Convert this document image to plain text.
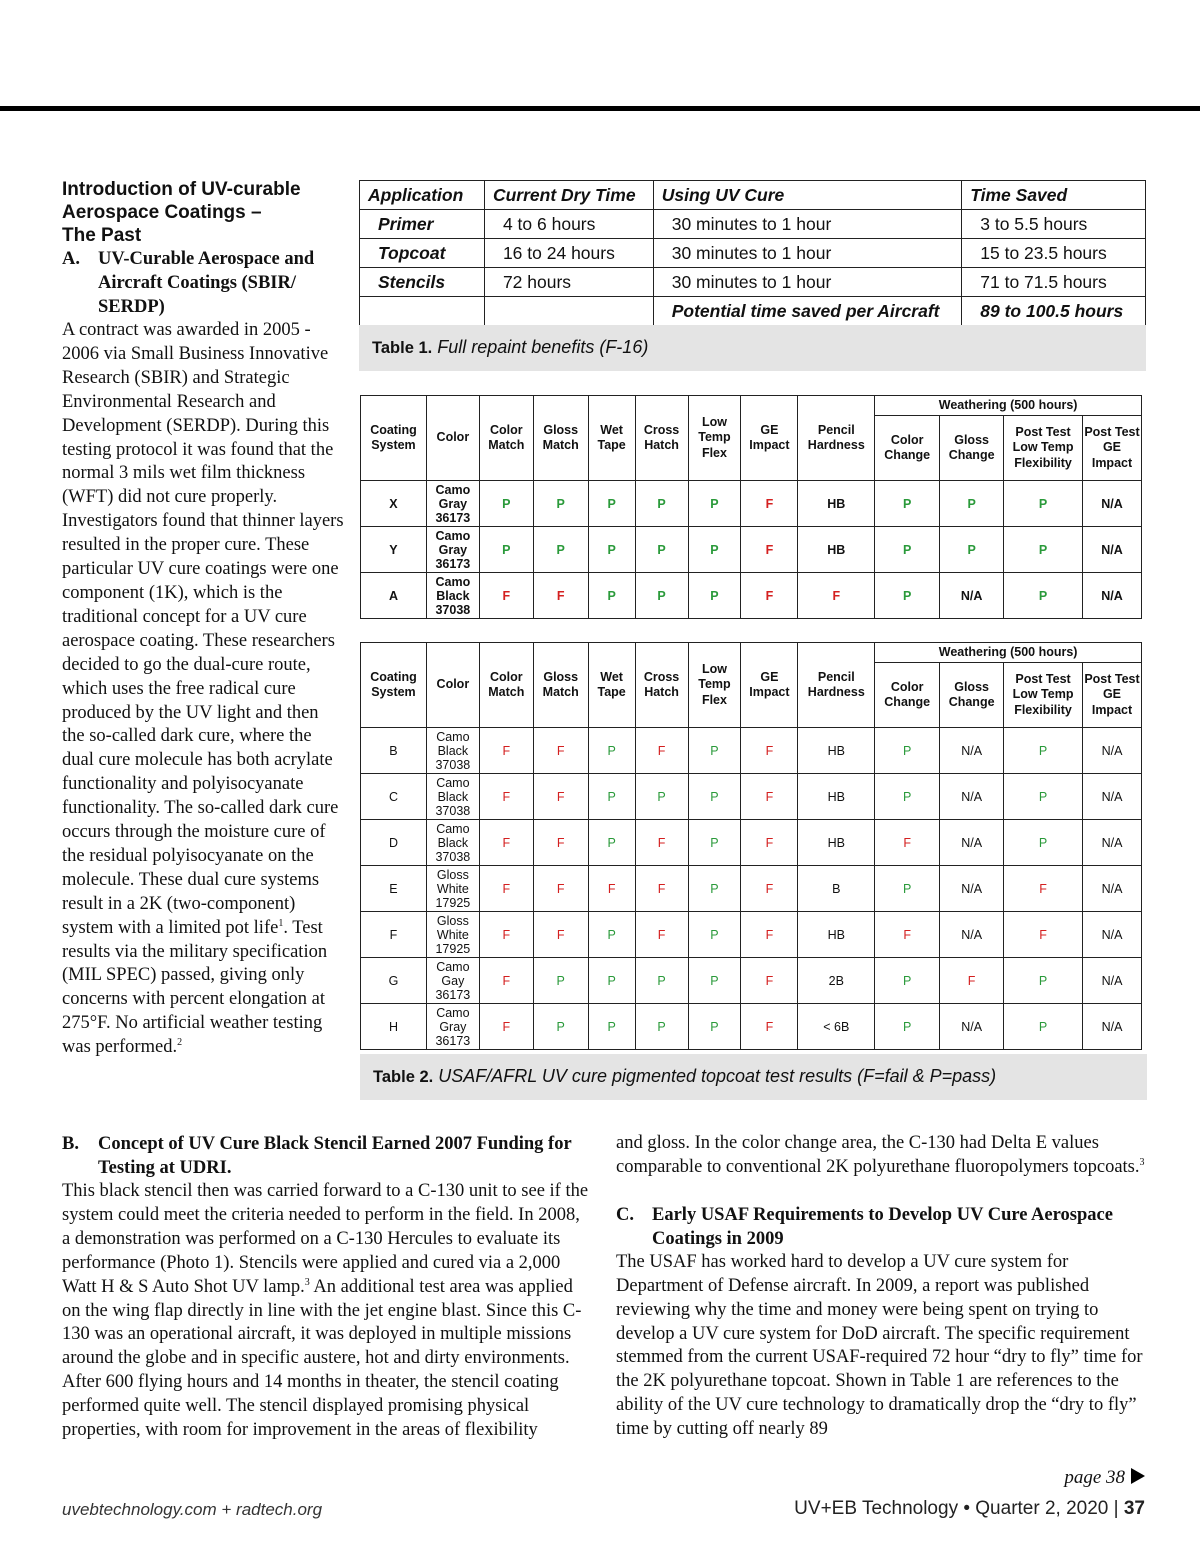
Introduction of UV-curable
Aerospace Coatings –
The Past
A. UV-Curable Aerospace and Aircraft Coatings (SBIR/ SERDP)
A contract was awarded in 2005 - 2006 via Small Business Innovative Research (SBIR) and Strategic Environmental Research and Development (SERDP). During this testing protocol it was found that the normal 3 mils wet film thickness (WFT) did not cure properly. Investigators found that thinner layers resulted in the proper cure. These particular UV cure coatings were one component (1K), which is the traditional concept for a UV cure aerospace coating. These researchers decided to go the dual-cure route, which uses the free radical cure produced by the UV light and then the so-called dark cure, where the dual cure molecule has both acrylate functionality and polyisocyanate functionality. The so-called dark cure occurs through the moisture cure of the residual polyisocyanate on the molecule. These dual cure systems result in a 2K (two-component) system with a limited pot life$^1$. Test results via the military specification (MIL SPEC) passed, giving only concerns with percent elongation at 275°F. No artificial weather testing was performed.$^2$
Application	Current Dry Time	Using UV Cure	Time Saved
Primer	4 to 6 hours	30 minutes to 1 hour	3 to 5.5 hours
Topcoat	16 to 24 hours	30 minutes to 1 hour	15 to 23.5 hours
Stencils	72 hours	30 minutes to 1 hour	71 to 71.5 hours
		Potential time saved per Aircraft	89 to 100.5 hours
Table 1. Full repaint benefits (F-16)
Coating System	Color	Color Match	Gloss Match	Wet Tape	Cross Hatch	Low Temp Flex	GE Impact	Pencil Hardness	Weathering (500 hours)			
									Color Change	Gloss Change	Post Test Low Temp Flexibility	Post Test GE Impact
X	Camo Gray 36173	P	P	P	P	P	F	HB	P	P	P	N/A
Y	Camo Gray 36173	P	P	P	P	P	F	HB	P	P	P	N/A
A	Camo Black 37038	F	F	P	P	P	F	F	P	N/A	P	N/A
Coating System	Color	Color Match	Gloss Match	Wet Tape	Cross Hatch	Low Temp Flex	GE Impact	Pencil Hardness	Weathering (500 hours)			
									Color Change	Gloss Change	Post Test Low Temp Flexibility	Post Test GE Impact
B	Camo Black 37038	F	F	P	F	P	F	HB	P	N/A	P	N/A
C	Camo Black 37038	F	F	P	P	P	F	HB	P	N/A	P	N/A
D	Camo Black 37038	F	F	P	F	P	F	HB	F	N/A	P	N/A
E	Gloss White 17925	F	F	F	F	P	F	B	P	N/A	F	N/A
F	Gloss White 17925	F	F	P	F	P	F	HB	F	N/A	F	N/A
G	Camo Gay 36173	F	P	P	P	P	F	2B	P	F	P	N/A
H	Camo Gray 36173	F	P	P	P	P	F	< 6B	P	N/A	P	N/A
Table 2. USAF/AFRL UV cure pigmented topcoat test results (F=fail & P=pass)
B.	Concept of UV Cure Black Stencil Earned 2007 Funding for Testing at UDRI.
This black stencil then was carried forward to a C-130 unit to see if the system could meet the criteria needed to perform in the field. In 2008, a demonstration was performed on a C-130 Hercules to evaluate its performance (Photo 1). Stencils were applied and cured via a 2,000 Watt H & S Auto Shot UV lamp.$^3$ An additional test area was applied on the wing flap directly in line with the jet engine blast. Since this C-130 was an operational aircraft, it was deployed in multiple missions around the globe and in specific austere, hot and dirty environments. After 600 flying hours and 14 months in theater, the stencil coating performed quite well. The stencil displayed promising physical properties, with room for improvement in the areas of flexibility
and gloss. In the color change area, the C-130 had Delta E values comparable to conventional 2K polyurethane fluoropolymers topcoats.$^3$
C. Early USAF Requirements to Develop UV Cure Aerospace Coatings in 2009
The USAF has worked hard to develop a UV cure system for Department of Defense aircraft. In 2009, a report was published reviewing why the time and money were being spent on trying to develop a UV cure system for DoD aircraft. The specific requirement stemmed from the current USAF-required 72 hour “dry to fly” time for the 2K polyurethane topcoat. Shown in Table 1 are references to the ability of the UV cure technology to dramatically drop the “dry to fly” time by cutting off nearly 89
page 38
uvebtechnology.com + radtech.org	UV+EB Technology • Quarter 2, 2020 | 37
